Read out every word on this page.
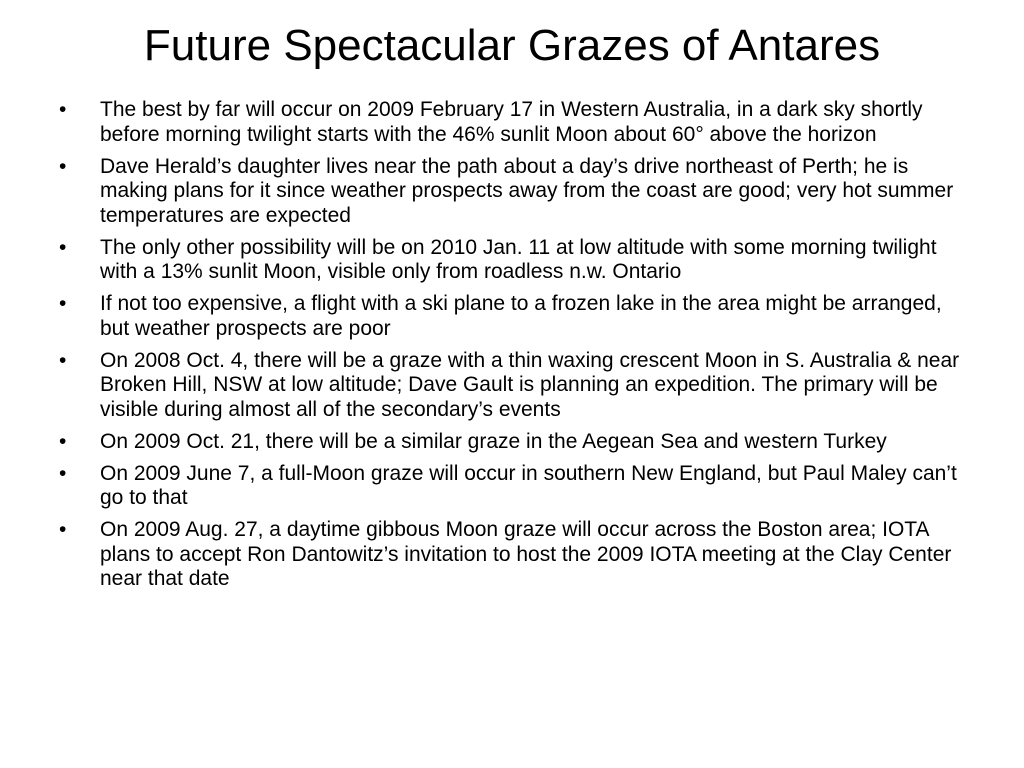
Future Spectacular Grazes of Antares
• The best by far will occur on 2009 February 17 in Western Australia, in a dark sky shortly before morning twilight starts with the 46% sunlit Moon about 60° above the horizon
• Dave Herald’s daughter lives near the path about a day’s drive northeast of Perth; he is making plans for it since weather prospects away from the coast are good; very hot summer temperatures are expected
• The only other possibility will be on 2010 Jan. 11 at low altitude with some morning twilight with a 13% sunlit Moon, visible only from roadless n.w. Ontario
• If not too expensive, a flight with a ski plane to a frozen lake in the area might be arranged, but weather prospects are poor
• On 2008 Oct. 4, there will be a graze with a thin waxing crescent Moon in S. Australia & near Broken Hill, NSW at low altitude; Dave Gault is planning an expedition. The primary will be visible during almost all of the secondary’s events
• On 2009 Oct. 21, there will be a similar graze in the Aegean Sea and western Turkey
• On 2009 June 7, a full-Moon graze will occur in southern New England, but Paul Maley can’t go to that
• On 2009 Aug. 27, a daytime gibbous Moon graze will occur across the Boston area; IOTA plans to accept Ron Dantowitz’s invitation to host the 2009 IOTA meeting at the Clay Center near that date
